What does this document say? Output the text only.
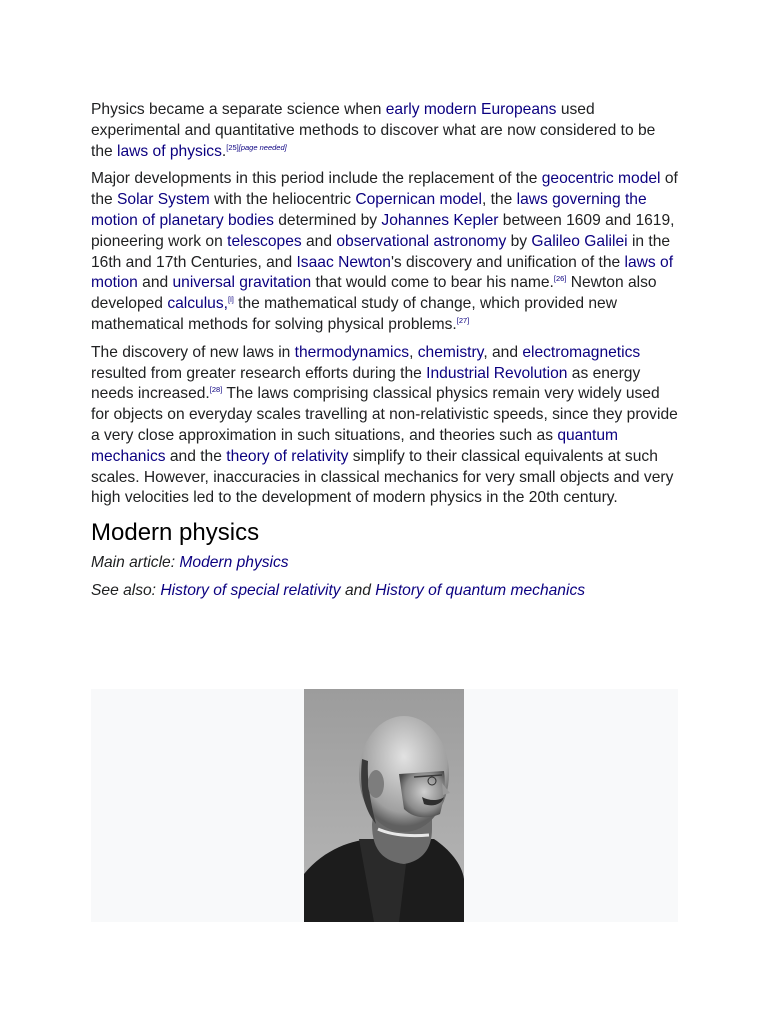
Physics became a separate science when early modern Europeans used experimental and quantitative methods to discover what are now considered to be the laws of physics.[25][page needed]

Major developments in this period include the replacement of the geocentric model of the Solar System with the heliocentric Copernican model, the laws governing the motion of planetary bodies determined by Johannes Kepler between 1609 and 1619, pioneering work on telescopes and observational astronomy by Galileo Galilei in the 16th and 17th Centuries, and Isaac Newton's discovery and unification of the laws of motion and universal gravitation that would come to bear his name.[26] Newton also developed calculus,[l] the mathematical study of change, which provided new mathematical methods for solving physical problems.[27]

The discovery of new laws in thermodynamics, chemistry, and electromagnetics resulted from greater research efforts during the Industrial Revolution as energy needs increased.[28] The laws comprising classical physics remain very widely used for objects on everyday scales travelling at non-relativistic speeds, since they provide a very close approximation in such situations, and theories such as quantum mechanics and the theory of relativity simplify to their classical equivalents at such scales. However, inaccuracies in classical mechanics for very small objects and very high velocities led to the development of modern physics in the 20th century.

Modern physics
Main article: Modern physics
See also: History of special relativity and History of quantum mechanics
